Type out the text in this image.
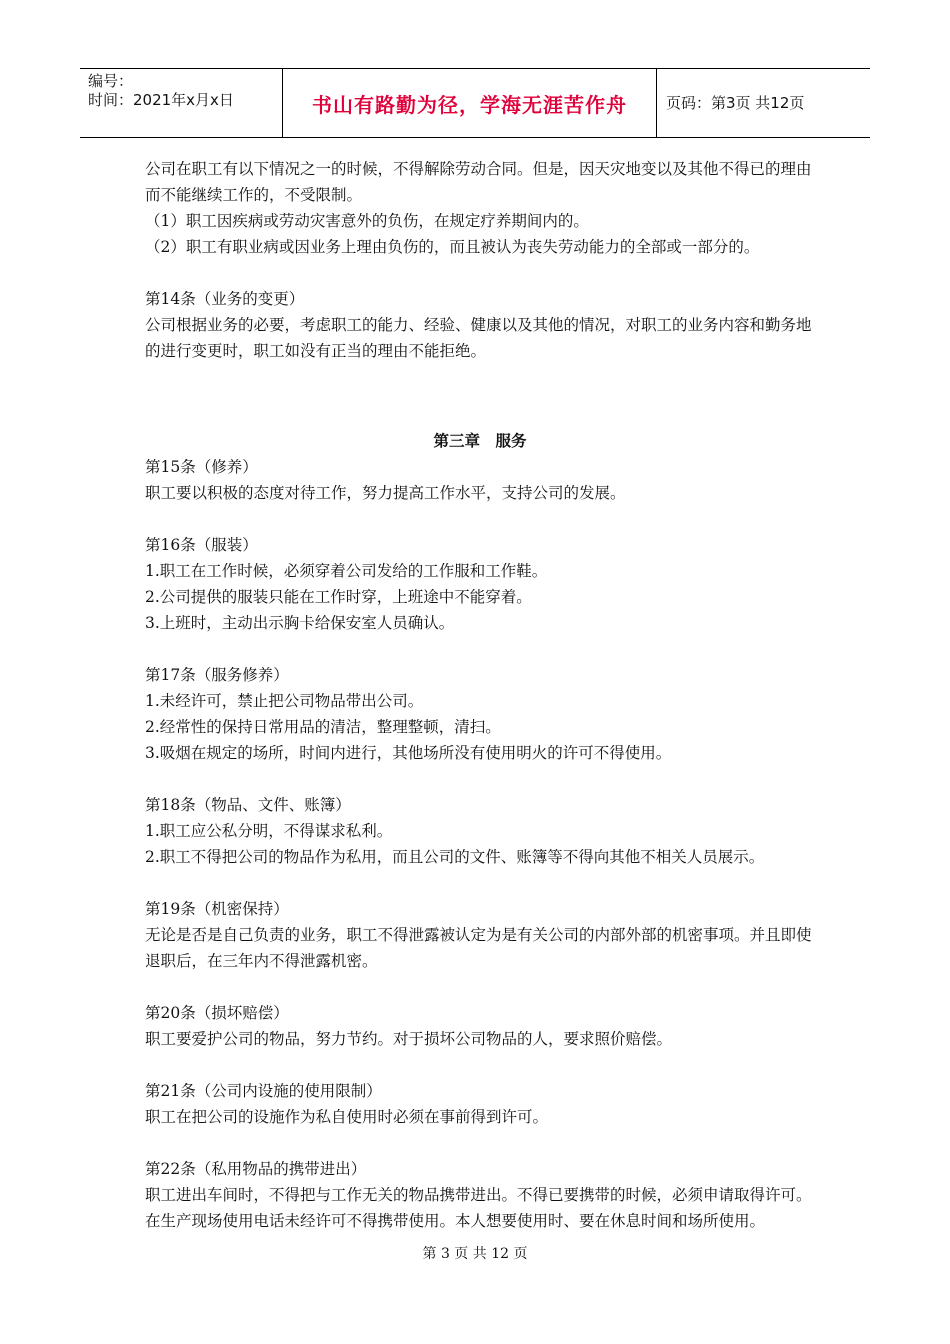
编号：
时间：2021年x月x日	书山有路勤为径，学海无涯苦作舟	页码：第3页 共12页

公司在职工有以下情况之一的时候，不得解除劳动合同。但是，因天灾地变以及其他不得已的理由而不能继续工作的，不受限制。

（1）职工因疾病或劳动灾害意外的负伤，在规定疗养期间内的。

（2）职工有职业病或因业务上理由负伤的，而且被认为丧失劳动能力的全部或一部分的。

第14条（业务的变更）

公司根据业务的必要，考虑职工的能力、经验、健康以及其他的情况，对职工的业务内容和勤务地的进行变更时，职工如没有正当的理由不能拒绝。

第三章　服务

第15条（修养）

职工要以积极的态度对待工作，努力提高工作水平，支持公司的发展。

第16条（服装）

1.职工在工作时候，必须穿着公司发给的工作服和工作鞋。

2.公司提供的服装只能在工作时穿，上班途中不能穿着。

3.上班时，主动出示胸卡给保安室人员确认。

第17条（服务修养）

1.未经许可，禁止把公司物品带出公司。

2.经常性的保持日常用品的清洁，整理整顿，清扫。

3.吸烟在规定的场所，时间内进行，其他场所没有使用明火的许可不得使用。

第18条（物品、文件、账簿）

1.职工应公私分明，不得谋求私利。

2.职工不得把公司的物品作为私用，而且公司的文件、账簿等不得向其他不相关人员展示。

第19条（机密保持）

无论是否是自己负责的业务，职工不得泄露被认定为是有关公司的内部外部的机密事项。并且即使退职后，在三年内不得泄露机密。

第20条（损坏赔偿）

职工要爱护公司的物品，努力节约。对于损坏公司物品的人，要求照价赔偿。

第21条（公司内设施的使用限制）

职工在把公司的设施作为私自使用时必须在事前得到许可。

第22条（私用物品的携带进出）

职工进出车间时，不得把与工作无关的物品携带进出。不得已要携带的时候，必须申请取得许可。在生产现场使用电话未经许可不得携带使用。本人想要使用时、要在休息时间和场所使用。

第 3 页 共 12 页
